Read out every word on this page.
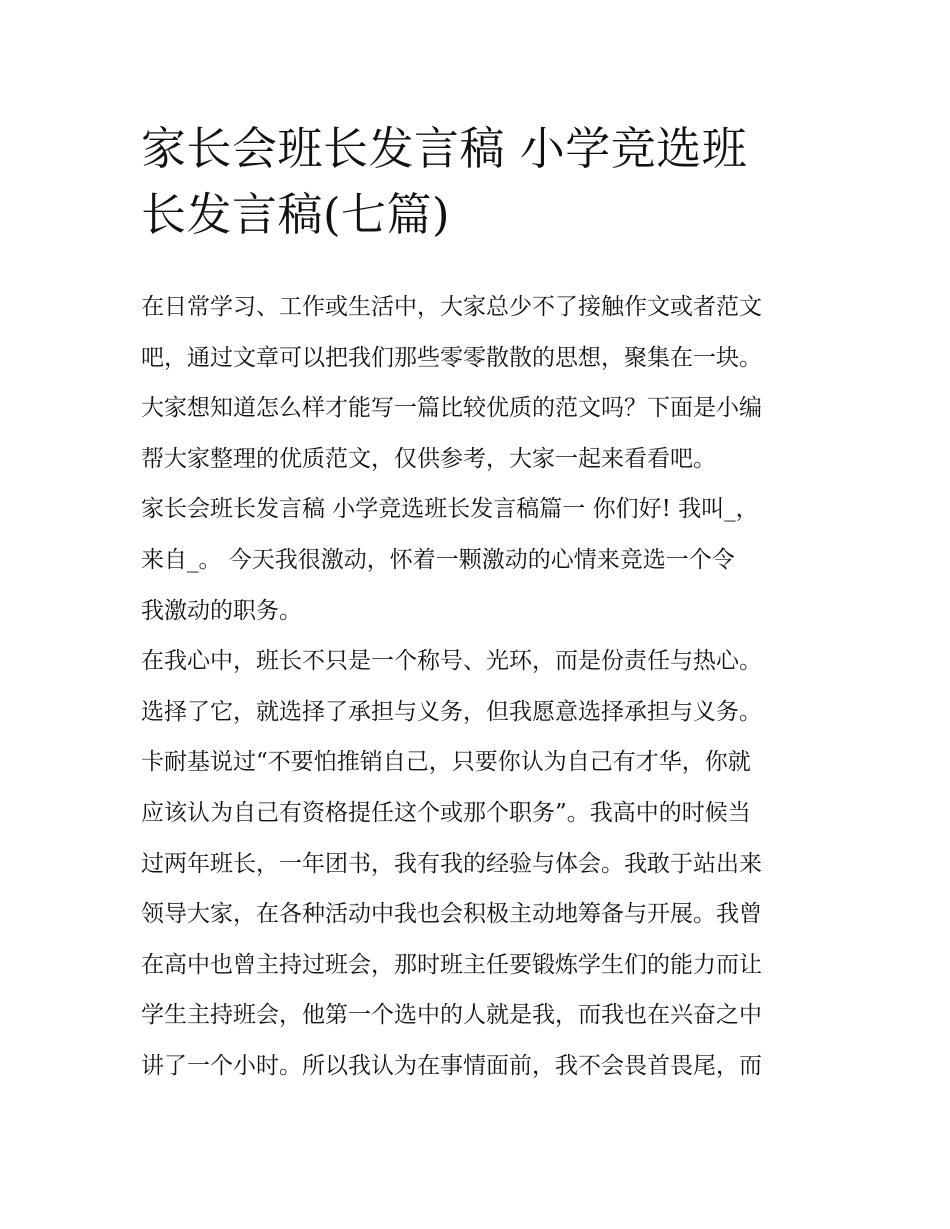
家长会班长发言稿 小学竞选班
长发言稿(七篇)
在日常学习、工作或生活中，大家总少不了接触作文或者范文
吧，通过文章可以把我们那些零零散散的思想，聚集在一块。
大家想知道怎么样才能写一篇比较优质的范文吗？下面是小编
帮大家整理的优质范文，仅供参考，大家一起来看看吧。
家长会班长发言稿 小学竞选班长发言稿篇一 你们好! 我叫_，
来自_。 今天我很激动，怀着一颗激动的心情来竞选一个令
我激动的职务。
在我心中，班长不只是一个称号、光环，而是份责任与热心。
选择了它，就选择了承担与义务，但我愿意选择承担与义务。
卡耐基说过“不要怕推销自己，只要你认为自己有才华，你就
应该认为自己有资格提任这个或那个职务”。我高中的时候当
过两年班长，一年团书，我有我的经验与体会。我敢于站出来
领导大家，在各种活动中我也会积极主动地筹备与开展。我曾
在高中也曾主持过班会，那时班主任要锻炼学生们的能力而让
学生主持班会，他第一个选中的人就是我，而我也在兴奋之中
讲了一个小时。所以我认为在事情面前，我不会畏首畏尾，而
